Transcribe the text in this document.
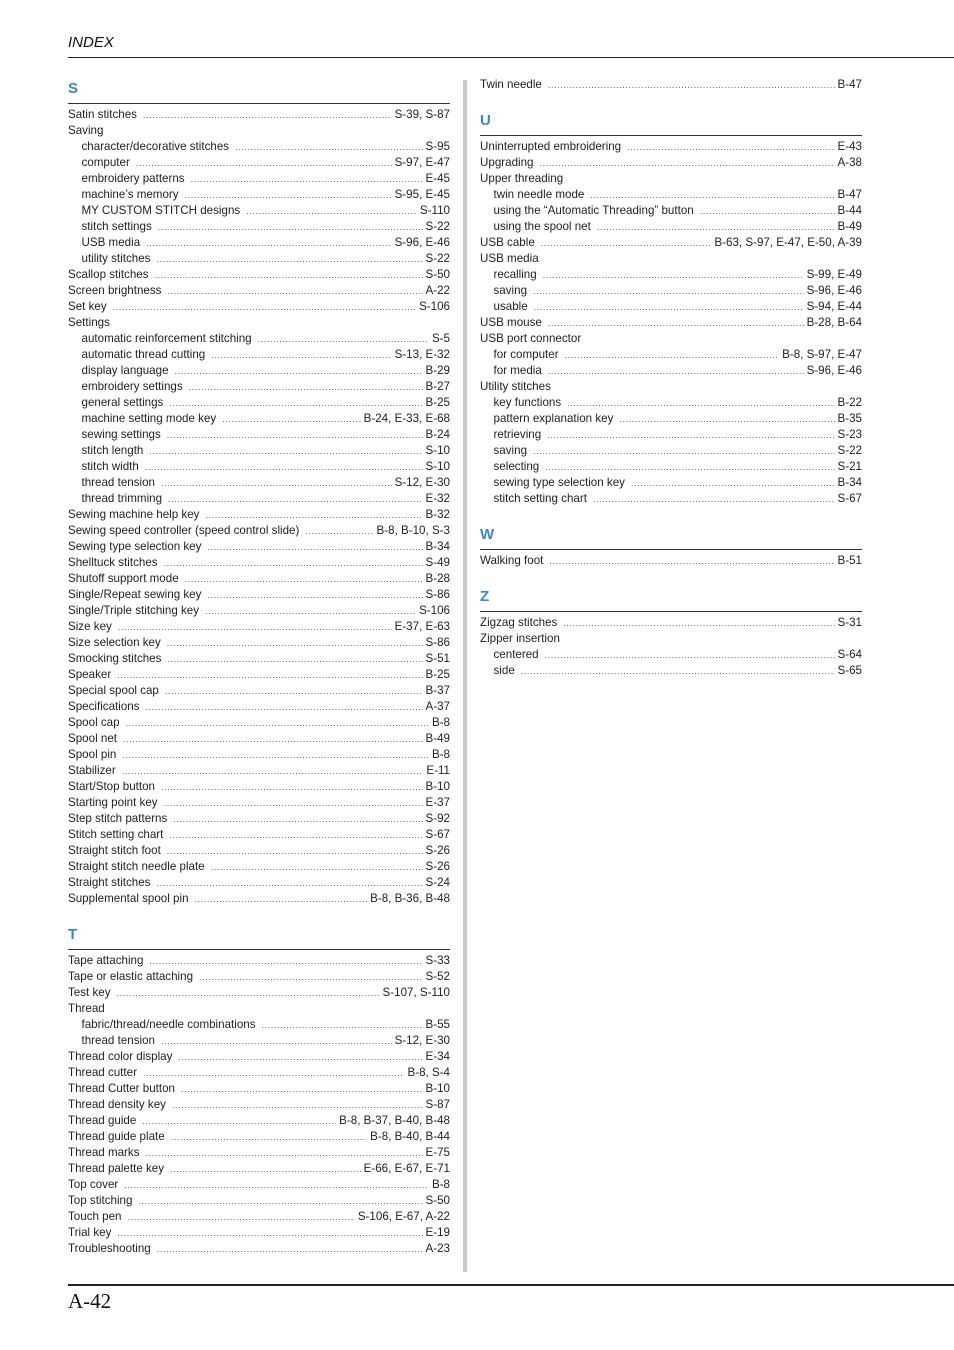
INDEX
S
Satin stitches .....	S-39, S-87
Saving
character/decorative stitches .....	S-95
computer .....	S-97, E-47
embroidery patterns .....	E-45
machine’s memory .....	S-95, E-45
MY CUSTOM STITCH designs .....	S-110
stitch settings .....	S-22
USB media .....	S-96, E-46
utility stitches .....	S-22
Scallop stitches .....	S-50
Screen brightness .....	A-22
Set key .....	S-106
Settings
automatic reinforcement stitching .....	S-5
automatic thread cutting .....	S-13, E-32
display language .....	B-29
embroidery settings .....	B-27
general settings .....	B-25
machine setting mode key .....	B-24, E-33, E-68
sewing settings .....	B-24
stitch length .....	S-10
stitch width .....	S-10
thread tension .....	S-12, E-30
thread trimming .....	E-32
Sewing machine help key .....	B-32
Sewing speed controller (speed control slide) .....	B-8, B-10, S-3
Sewing type selection key .....	B-34
Shelltuck stitches .....	S-49
Shutoff support mode .....	B-28
Single/Repeat sewing key .....	S-86
Single/Triple stitching key .....	S-106
Size key .....	E-37, E-63
Size selection key .....	S-86
Smocking stitches .....	S-51
Speaker .....	B-25
Special spool cap .....	B-37
Specifications .....	A-37
Spool cap .....	B-8
Spool net .....	B-49
Spool pin .....	B-8
Stabilizer .....	E-11
Start/Stop button .....	B-10
Starting point key .....	E-37
Step stitch patterns .....	S-92
Stitch setting chart .....	S-67
Straight stitch foot .....	S-26
Straight stitch needle plate .....	S-26
Straight stitches .....	S-24
Supplemental spool pin .....	B-8, B-36, B-48
T
Tape attaching .....	S-33
Tape or elastic attaching .....	S-52
Test key .....	S-107, S-110
Thread
fabric/thread/needle combinations .....	B-55
thread tension .....	S-12, E-30
Thread color display .....	E-34
Thread cutter .....	B-8, S-4
Thread Cutter button .....	B-10
Thread density key .....	S-87
Thread guide .....	B-8, B-37, B-40, B-48
Thread guide plate .....	B-8, B-40, B-44
Thread marks .....	E-75
Thread palette key .....	E-66, E-67, E-71
Top cover .....	B-8
Top stitching .....	S-50
Touch pen .....	S-106, E-67, A-22
Trial key .....	E-19
Troubleshooting .....	A-23
Twin needle .....	B-47
U
Uninterrupted embroidering .....	E-43
Upgrading .....	A-38
Upper threading
twin needle mode .....	B-47
using the “Automatic Threading” button .....	B-44
using the spool net .....	B-49
USB cable .....	B-63, S-97, E-47, E-50, A-39
USB media
recalling .....	S-99, E-49
saving .....	S-96, E-46
usable .....	S-94, E-44
USB mouse .....	B-28, B-64
USB port connector
for computer .....	B-8, S-97, E-47
for media .....	S-96, E-46
Utility stitches
key functions .....	B-22
pattern explanation key .....	B-35
retrieving .....	S-23
saving .....	S-22
selecting .....	S-21
sewing type selection key .....	B-34
stitch setting chart .....	S-67
W
Walking foot .....	B-51
Z
Zigzag stitches .....	S-31
Zipper insertion
centered .....	S-64
side .....	S-65
A-42
